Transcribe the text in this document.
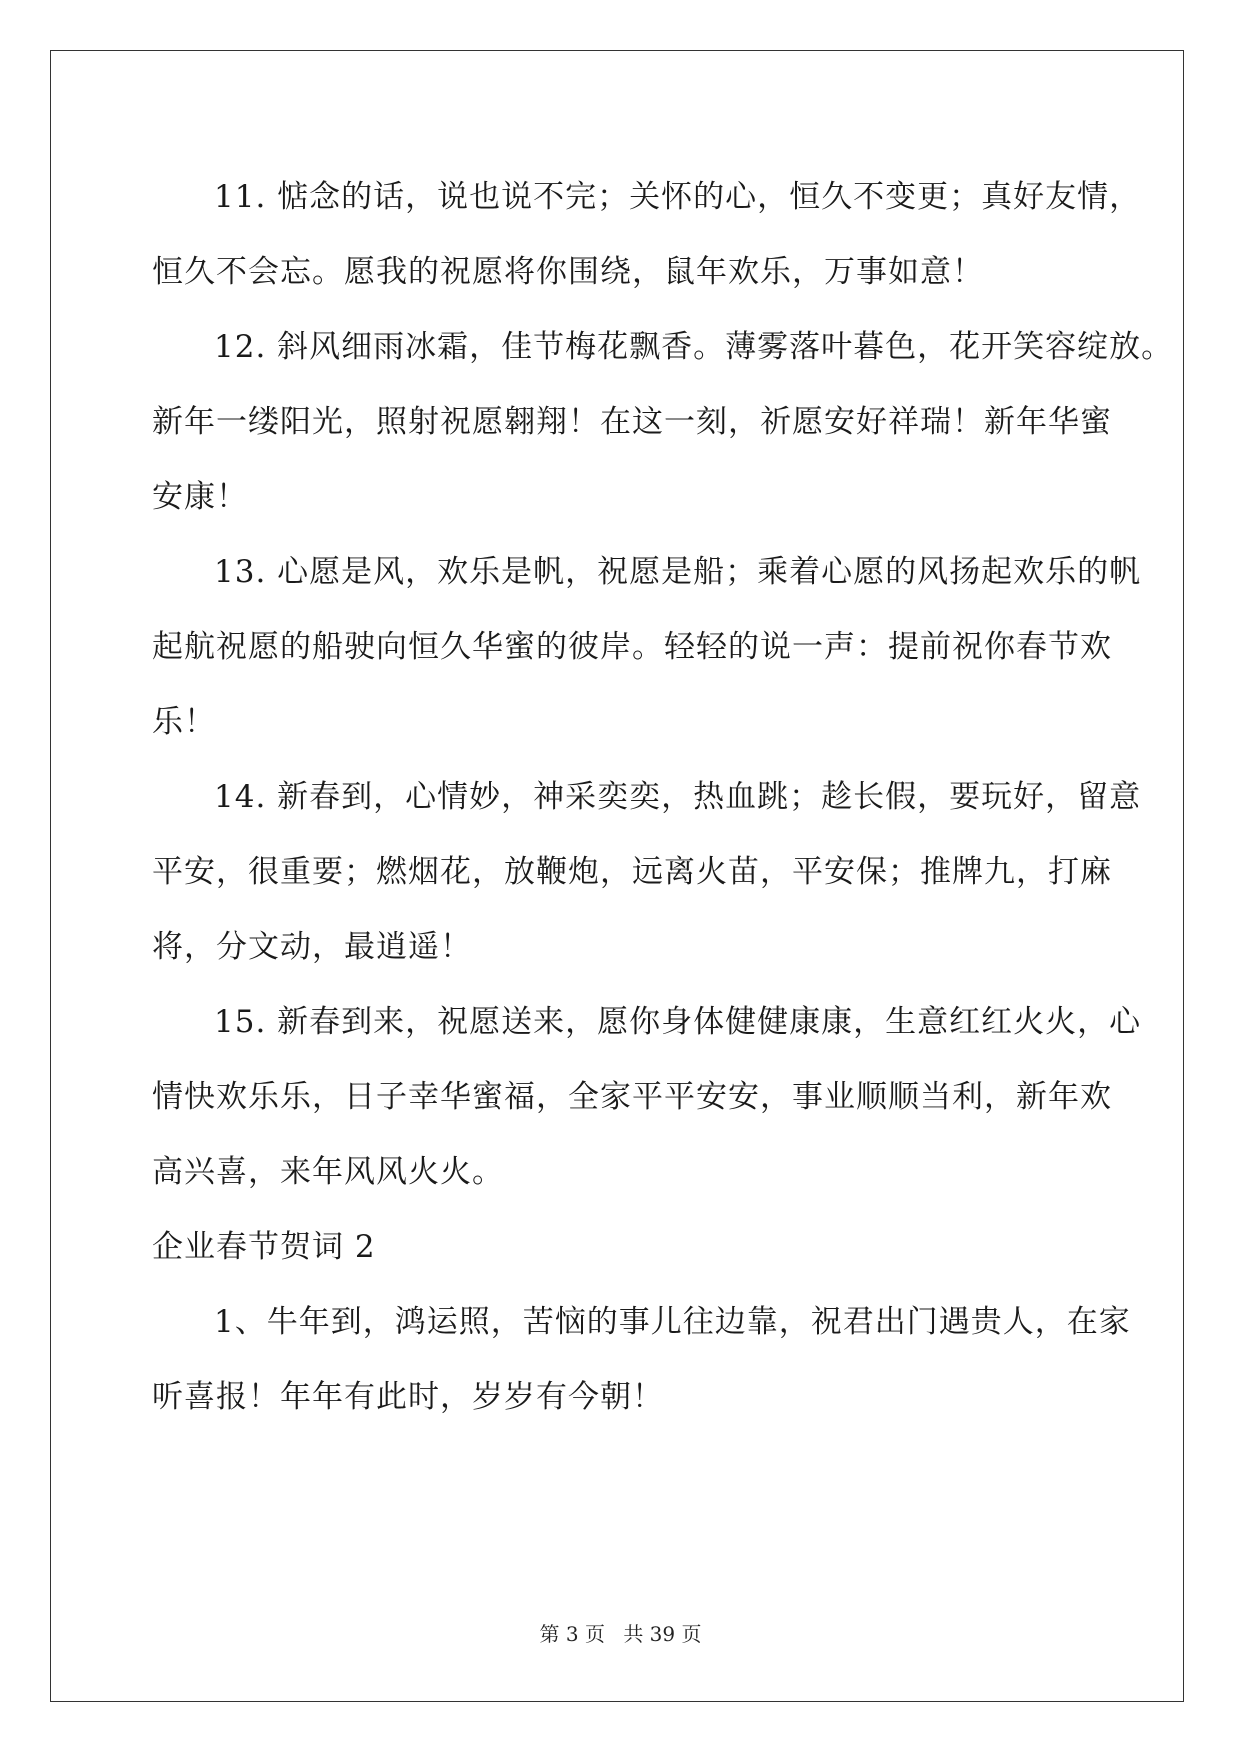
11. 惦念的话，说也说不完；关怀的心，恒久不变更；真好友情，
恒久不会忘。愿我的祝愿将你围绕，鼠年欢乐，万事如意！
12. 斜风细雨冰霜，佳节梅花飘香。薄雾落叶暮色，花开笑容绽放。
新年一缕阳光，照射祝愿翱翔！在这一刻，祈愿安好祥瑞！新年华蜜
安康！
13. 心愿是风，欢乐是帆，祝愿是船；乘着心愿的风扬起欢乐的帆
起航祝愿的船驶向恒久华蜜的彼岸。轻轻的说一声：提前祝你春节欢
乐！
14. 新春到，心情妙，神采奕奕，热血跳；趁长假，要玩好，留意
平安，很重要；燃烟花，放鞭炮，远离火苗，平安保；推牌九，打麻
将，分文动，最逍遥！
15. 新春到来，祝愿送来，愿你身体健健康康，生意红红火火，心
情快欢乐乐，日子幸华蜜福，全家平平安安，事业顺顺当利，新年欢
高兴喜，来年风风火火。
企业春节贺词 2
1、牛年到，鸿运照，苦恼的事儿往边靠，祝君出门遇贵人，在家
听喜报！年年有此时，岁岁有今朝！
第 3 页 共 39 页
